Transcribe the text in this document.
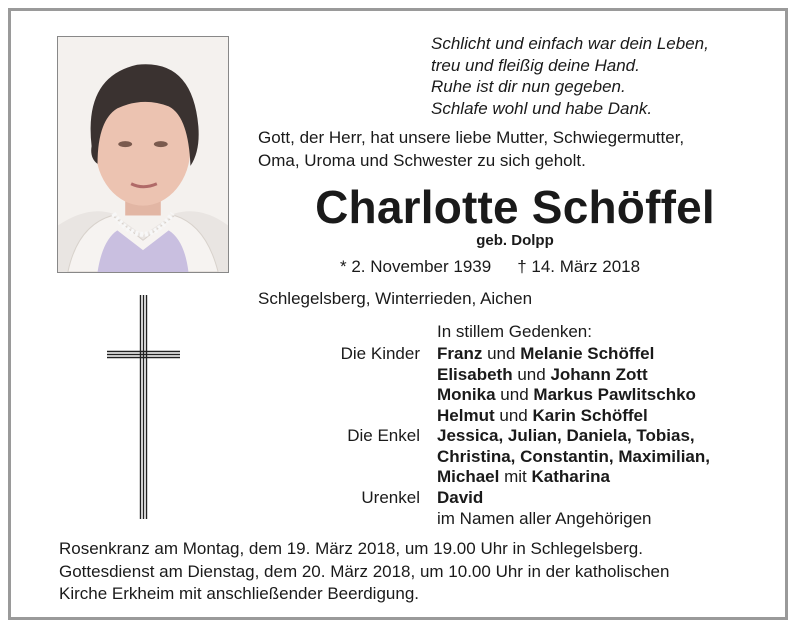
Schlicht und einfach war dein Leben,
treu und fleißig deine Hand.
Ruhe ist dir nun gegeben.
Schlafe wohl und habe Dank.
Gott, der Herr, hat unsere liebe Mutter, Schwiegermutter,
Oma, Uroma und Schwester zu sich geholt.
Charlotte Schöffel
geb. Dolpp
* 2. November 1939 † 14. März 2018
Schlegelsberg, Winterrieden, Aichen
In stillem Gedenken:
Die Kinder Franz und Melanie Schöffel
Elisabeth und Johann Zott
Monika und Markus Pawlitschko
Helmut und Karin Schöffel
Die Enkel Jessica, Julian, Daniela, Tobias,
Christina, Constantin, Maximilian,
Michael mit Katharina
Urenkel David
im Namen aller Angehörigen
Rosenkranz am Montag, dem 19. März 2018, um 19.00 Uhr in Schlegelsberg.
Gottesdienst am Dienstag, dem 20. März 2018, um 10.00 Uhr in der katholischen
Kirche Erkheim mit anschließender Beerdigung.
